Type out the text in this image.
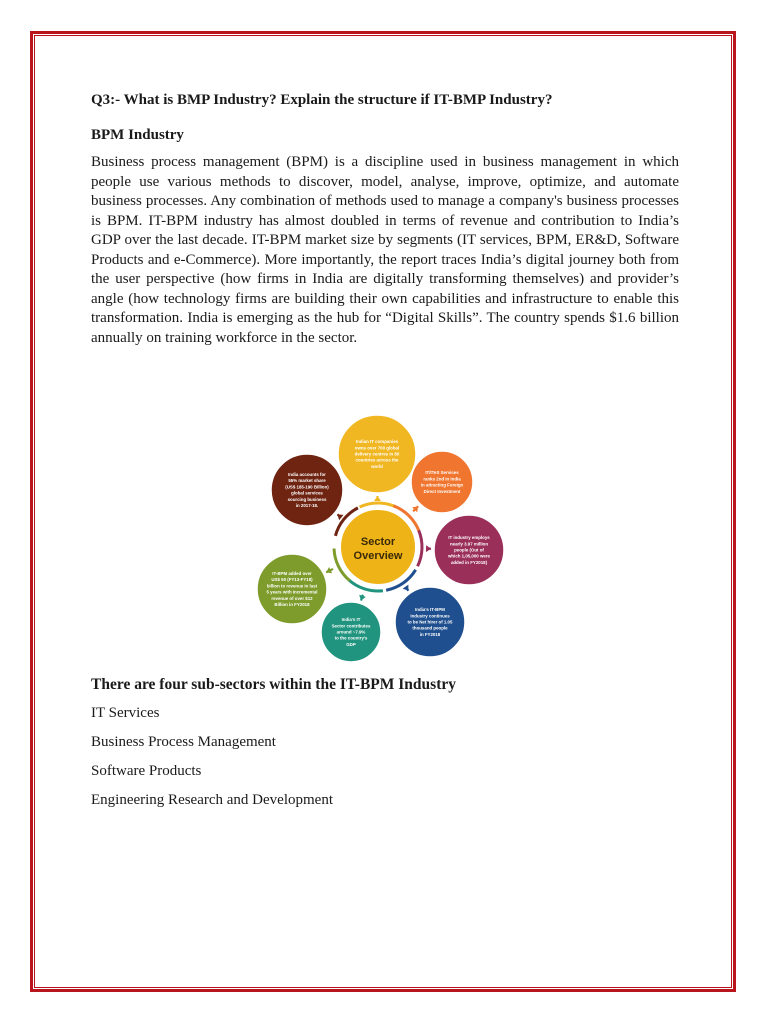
Q3:- What is BMP Industry? Explain the structure if IT-BMP Industry?

BPM Industry

Business process management (BPM) is a discipline used in business management in which people use various methods to discover, model, analyse, improve, optimize, and automate business processes. Any combination of methods used to manage a company's business processes is BPM. IT-BPM industry has almost doubled in terms of revenue and contribution to India’s GDP over the last decade. IT-BPM market size by segments (IT services, BPM, ER&D, Software Products and e-Commerce). More importantly, the report traces India’s digital journey both from the user perspective (how firms in India are digitally transforming themselves) and provider’s angle (how technology firms are building their own capabilities and infrastructure to enable this transformation. India is emerging as the hub for “Digital Skills”. The country spends $1.6 billion annually on training workforce in the sector.

Sector
Overview
Indian IT companies
owns over 700 global
delivery centres in 80
countries across the
world
IT/ITeS Services
ranks 2nd in India
in attracting Foreign
Direct Investment
IT industry employs
nearly 3.97 million
people (Out of
which 1,05,000 were
added in FY2018)
India's IT-BPM
Industry continues
to be Net hirer of 1.05
thousand people
in FY2018
India's IT
Sector contributes
around ~7.9%
to the country's
GDP
IT-BPM added over
US$ 50 (FY13-FY18)
billion to revenue in last
5 years with incremental
revenue of over $12
Billion in FY2018
India accounts for
55% market share
(US$ 185-190 Billion)
global services
sourcing business
in 2017-18.

There are four sub-sectors within the IT-BPM Industry

IT Services
Business Process Management
Software Products
Engineering Research and Development
